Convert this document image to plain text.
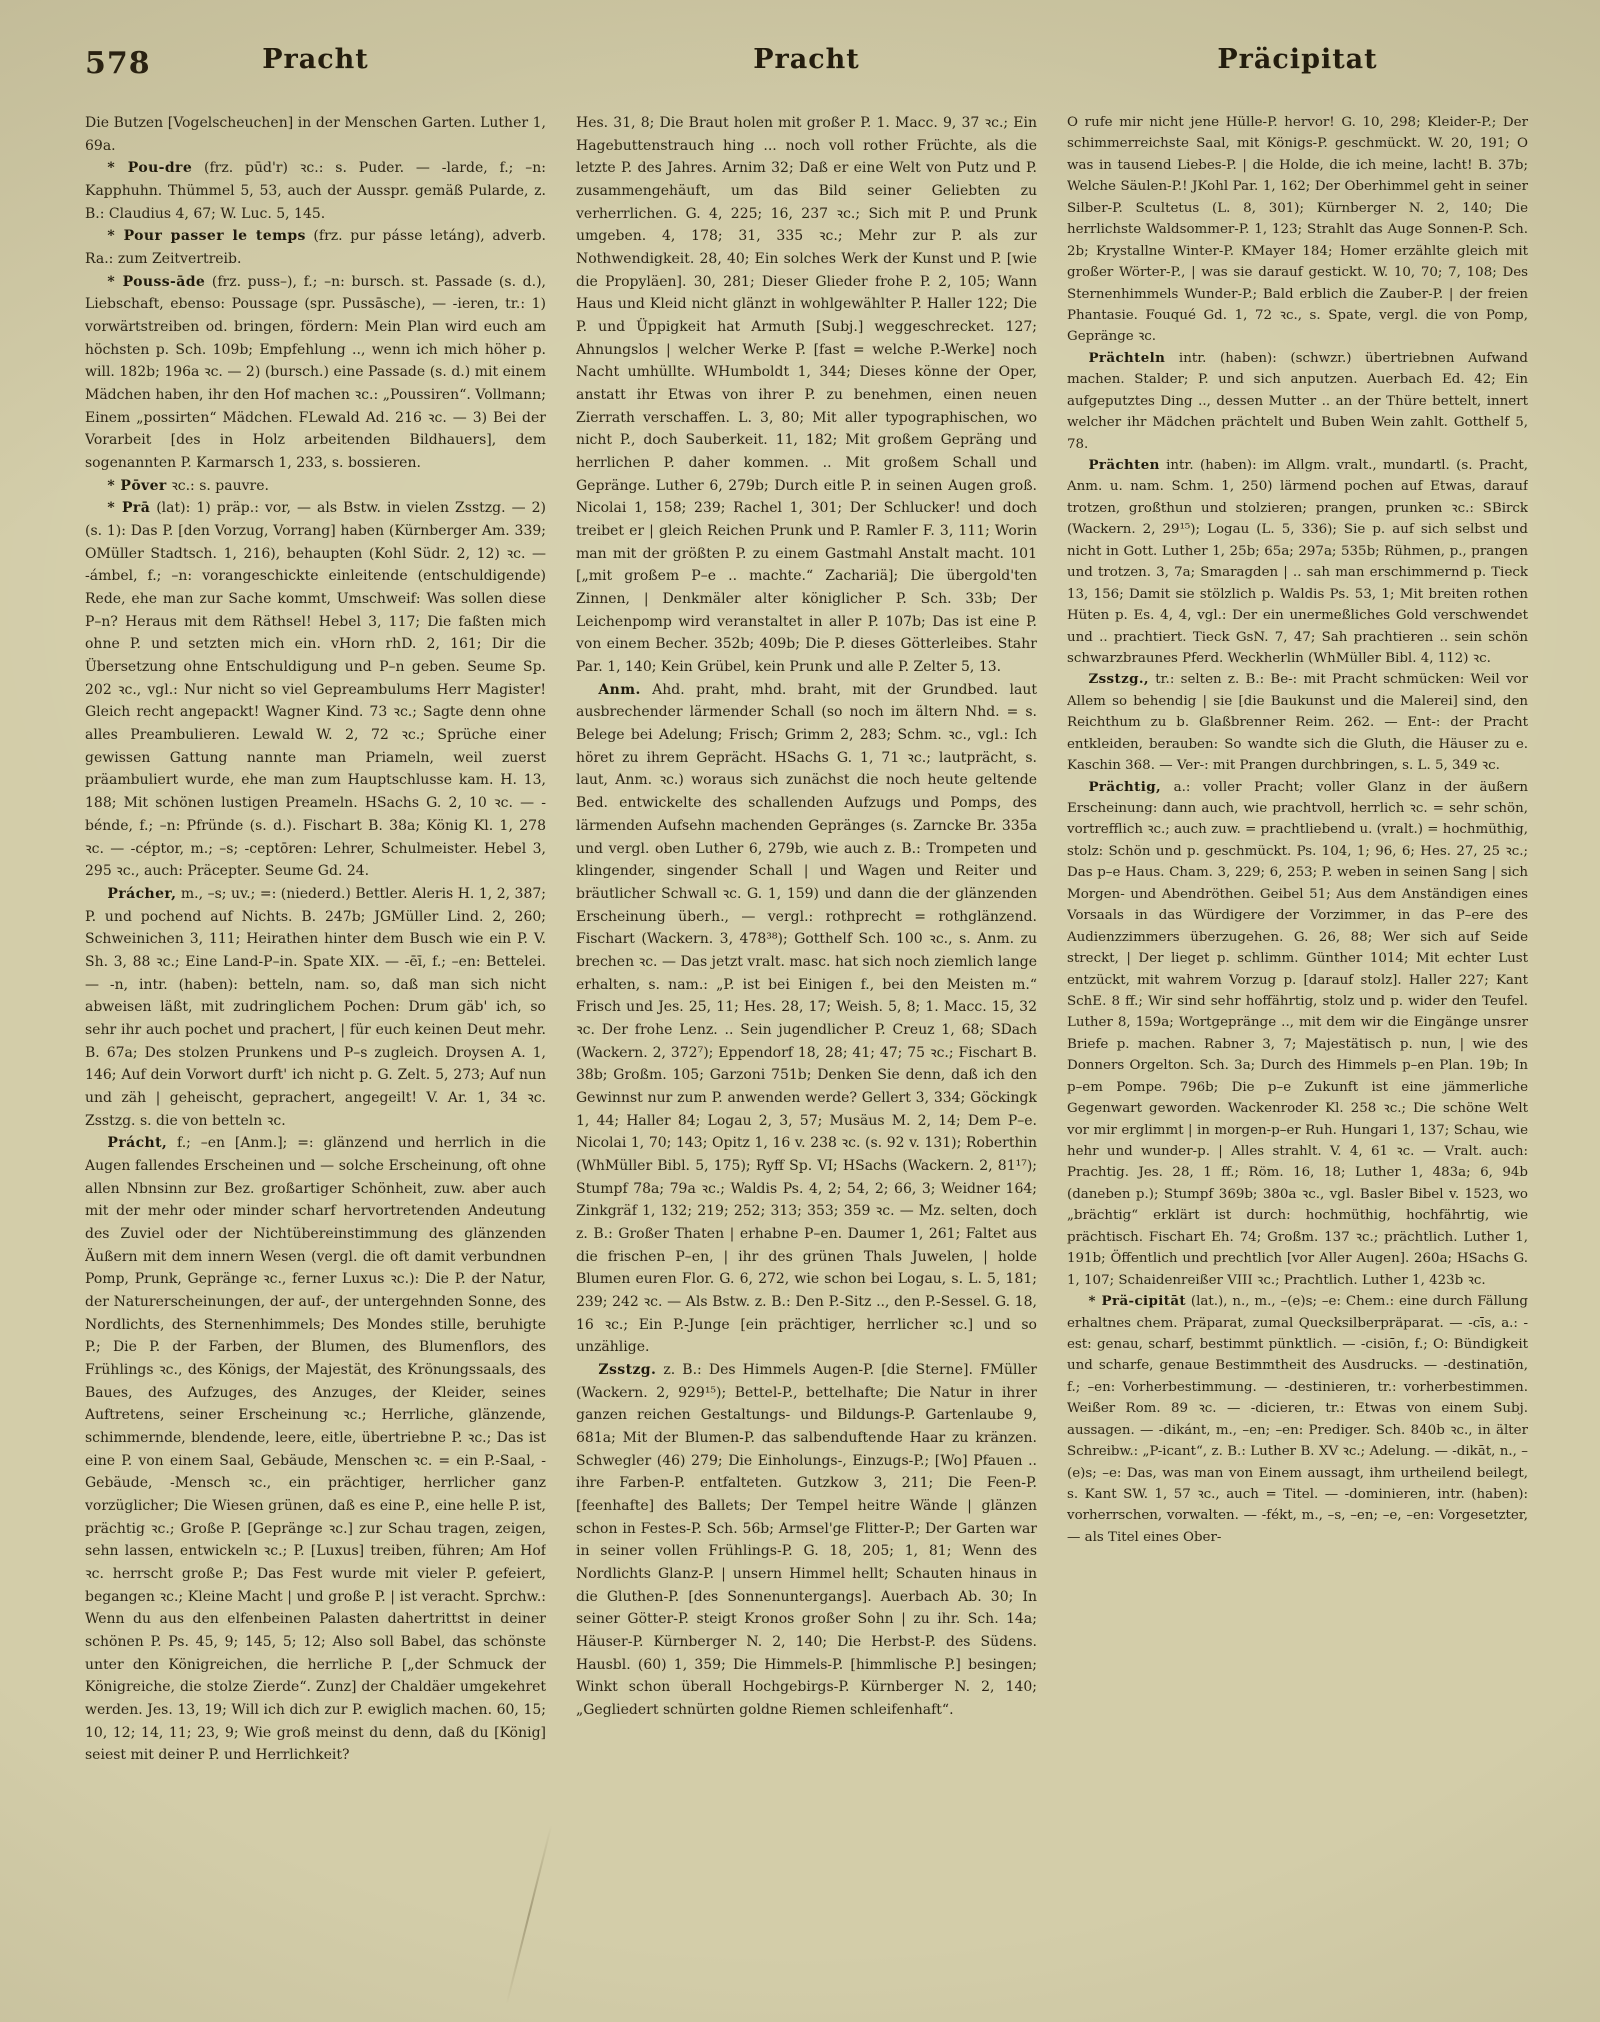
578	Pracht	Pracht	Präcipitat

Die Butzen [Vogelscheuchen] in der Menschen Garten. Luther 1, 69a.

* Pou-dre (frz. pūd'r) ꝛc.: s. Puder. — -larde, f.; –n: Kapphuhn. Thümmel 5, 53, auch der Ausspr. gemäß Pularde, z. B.: Claudius 4, 67; W. Luc. 5, 145.

* Pour passer le temps (frz. pur pásse letáng), adverb. Ra.: zum Zeitvertreib.

* Pouss-āde (frz. puss–), f.; –n: bursch. st. Passade (s. d.), Liebschaft, ebenso: Poussage (spr. Pussāsche), — -ieren, tr.: 1) vorwärtstreiben od. bringen, fördern: Mein Plan wird euch am höchsten p. Sch. 109b; Empfehlung .., wenn ich mich höher p. will. 182b; 196a ꝛc. — 2) (bursch.) eine Passade (s. d.) mit einem Mädchen haben, ihr den Hof machen ꝛc.: „Poussiren“. Vollmann; Einem „possirten“ Mädchen. FLewald Ad. 216 ꝛc. — 3) Bei der Vorarbeit [des in Holz arbeitenden Bildhauers], dem sogenannten P. Karmarsch 1, 233, s. bossieren.

* Pōver ꝛc.: s. pauvre.

* Prā (lat): 1) präp.: vor, — als Bstw. in vielen Zsstzg. — 2) (s. 1): Das P. [den Vorzug, Vorrang] haben (Kürnberger Am. 339; OMüller Stadtsch. 1, 216), behaupten (Kohl Südr. 2, 12) ꝛc. — -ámbel, f.; –n: vorangeschickte einleitende (entschuldigende) Rede, ehe man zur Sache kommt, Umschweif: Was sollen diese P–n? Heraus mit dem Räthsel! Hebel 3, 117; Die faßten mich ohne P. und setzten mich ein. vHorn rhD. 2, 161; Dir die Übersetzung ohne Entschuldigung und P–n geben. Seume Sp. 202 ꝛc., vgl.: Nur nicht so viel Gepreambulums Herr Magister! Gleich recht angepackt! Wagner Kind. 73 ꝛc.; Sagte denn ohne alles Preambulieren. Lewald W. 2, 72 ꝛc.; Sprüche einer gewissen Gattung nannte man Priameln, weil zuerst präambuliert wurde, ehe man zum Hauptschlusse kam. H. 13, 188; Mit schönen lustigen Preameln. HSachs G. 2, 10 ꝛc. — -bénde, f.; –n: Pfründe (s. d.). Fischart B. 38a; König Kl. 1, 278 ꝛc. — -céptor, m.; –s; -ceptōren: Lehrer, Schulmeister. Hebel 3, 295 ꝛc., auch: Präcepter. Seume Gd. 24.

Prácher, m., –s; uv.; =: (niederd.) Bettler. Aleris H. 1, 2, 387; P. und pochend auf Nichts. B. 247b; JGMüller Lind. 2, 260; Schweinichen 3, 111; Heirathen hinter dem Busch wie ein P. V. Sh. 3, 88 ꝛc.; Eine Land-P–in. Spate XIX. — -ēī, f.; –en: Bettelei. — -n, intr. (haben): betteln, nam. so, daß man sich nicht abweisen läßt, mit zudringlichem Pochen: Drum gäb' ich, so sehr ihr auch pochet und prachert, | für euch keinen Deut mehr. B. 67a; Des stolzen Prunkens und P–s zugleich. Droysen A. 1, 146; Auf dein Vorwort durft' ich nicht p. G. Zelt. 5, 273; Auf nun und zäh | geheischt, geprachert, angegeilt! V. Ar. 1, 34 ꝛc. Zsstzg. s. die von betteln ꝛc.

Prácht, f.; –en [Anm.]; =: glänzend und herrlich in die Augen fallendes Erscheinen und — solche Erscheinung, oft ohne allen Nbnsinn zur Bez. großartiger Schönheit, zuw. aber auch mit der mehr oder minder scharf hervortretenden Andeutung des Zuviel oder der Nichtübereinstimmung des glänzenden Äußern mit dem innern Wesen (vergl. die oft damit verbundnen Pomp, Prunk, Gepränge ꝛc., ferner Luxus ꝛc.): Die P. der Natur, der Naturerscheinungen, der auf-, der untergehnden Sonne, des Nordlichts, des Sternenhimmels; Des Mondes stille, beruhigte P.; Die P. der Farben, der Blumen, des Blumenflors, des Frühlings ꝛc., des Königs, der Majestät, des Krönungssaals, des Baues, des Aufzuges, des Anzuges, der Kleider, seines Auftretens, seiner Erscheinung ꝛc.; Herrliche, glänzende, schimmernde, blendende, leere, eitle, übertriebne P. ꝛc.; Das ist eine P. von einem Saal, Gebäude, Menschen ꝛc. = ein P.-Saal, -Gebäude, -Mensch ꝛc., ein prächtiger, herrlicher ganz vorzüglicher; Die Wiesen grünen, daß es eine P., eine helle P. ist, prächtig ꝛc.; Große P. [Gepränge ꝛc.] zur Schau tragen, zeigen, sehn lassen, entwickeln ꝛc.; P. [Luxus] treiben, führen; Am Hof ꝛc. herrscht große P.; Das Fest wurde mit vieler P. gefeiert, begangen ꝛc.; Kleine Macht | und große P. | ist veracht. Sprchw.: Wenn du aus den elfenbeinen Palasten dahertrittst in deiner schönen P. Ps. 45, 9; 145, 5; 12; Also soll Babel, das schönste unter den Königreichen, die herrliche P. [„der Schmuck der Königreiche, die stolze Zierde“. Zunz] der Chaldäer umgekehret werden. Jes. 13, 19; Will ich dich zur P. ewiglich machen. 60, 15; 10, 12; 14, 11; 23, 9; Wie groß meinst du denn, daß du [König] seiest mit deiner P. und Herrlichkeit?

Hes. 31, 8; Die Braut holen mit großer P. 1. Macc. 9, 37 ꝛc.; Ein Hagebuttenstrauch hing ... noch voll rother Früchte, als die letzte P. des Jahres. Arnim 32; Daß er eine Welt von Putz und P. zusammengehäuft, um das Bild seiner Geliebten zu verherrlichen. G. 4, 225; 16, 237 ꝛc.; Sich mit P. und Prunk umgeben. 4, 178; 31, 335 ꝛc.; Mehr zur P. als zur Nothwendigkeit. 28, 40; Ein solches Werk der Kunst und P. [wie die Propyläen]. 30, 281; Dieser Glieder frohe P. 2, 105; Wann Haus und Kleid nicht glänzt in wohlgewählter P. Haller 122; Die P. und Üppigkeit hat Armuth [Subj.] weggeschrecket. 127; Ahnungslos | welcher Werke P. [fast = welche P.-Werke] noch Nacht umhüllte. WHumboldt 1, 344; Dieses könne der Oper, anstatt ihr Etwas von ihrer P. zu benehmen, einen neuen Zierrath verschaffen. L. 3, 80; Mit aller typographischen, wo nicht P., doch Sauberkeit. 11, 182; Mit großem Gepräng und herrlichen P. daher kommen. .. Mit großem Schall und Gepränge. Luther 6, 279b; Durch eitle P. in seinen Augen groß. Nicolai 1, 158; 239; Rachel 1, 301; Der Schlucker! und doch treibet er | gleich Reichen Prunk und P. Ramler F. 3, 111; Worin man mit der größten P. zu einem Gastmahl Anstalt macht. 101 [„mit großem P–e .. machte.“ Zachariä]; Die übergold'ten Zinnen, | Denkmäler alter königlicher P. Sch. 33b; Der Leichenpomp wird veranstaltet in aller P. 107b; Das ist eine P. von einem Becher. 352b; 409b; Die P. dieses Götterleibes. Stahr Par. 1, 140; Kein Grübel, kein Prunk und alle P. Zelter 5, 13.

Anm. Ahd. praht, mhd. braht, mit der Grundbed. laut ausbrechender lärmender Schall (so noch im ältern Nhd. = s. Belege bei Adelung; Frisch; Grimm 2, 283; Schm. ꝛc., vgl.: Ich höret zu ihrem Geprächt. HSachs G. 1, 71 ꝛc.; lautprächt, s. laut, Anm. ꝛc.) woraus sich zunächst die noch heute geltende Bed. entwickelte des schallenden Aufzugs und Pomps, des lärmenden Aufsehn machenden Gepränges (s. Zarncke Br. 335a und vergl. oben Luther 6, 279b, wie auch z. B.: Trompeten und klingender, singender Schall | und Wagen und Reiter und bräutlicher Schwall ꝛc. G. 1, 159) und dann die der glänzenden Erscheinung überh., — vergl.: rothprecht = rothglänzend. Fischart (Wackern. 3, 478³⁸); Gotthelf Sch. 100 ꝛc., s. Anm. zu brechen ꝛc. — Das jetzt vralt. masc. hat sich noch ziemlich lange erhalten, s. nam.: „P. ist bei Einigen f., bei den Meisten m.“ Frisch und Jes. 25, 11; Hes. 28, 17; Weish. 5, 8; 1. Macc. 15, 32 ꝛc. Der frohe Lenz. .. Sein jugendlicher P. Creuz 1, 68; SDach (Wackern. 2, 372⁷); Eppendorf 18, 28; 41; 47; 75 ꝛc.; Fischart B. 38b; Großm. 105; Garzoni 751b; Denken Sie denn, daß ich den Gewinnst nur zum P. anwenden werde? Gellert 3, 334; Göckingk 1, 44; Haller 84; Logau 2, 3, 57; Musäus M. 2, 14; Dem P–e. Nicolai 1, 70; 143; Opitz 1, 16 v. 238 ꝛc. (s. 92 v. 131); Roberthin (WhMüller Bibl. 5, 175); Ryff Sp. VI; HSachs (Wackern. 2, 81¹⁷); Stumpf 78a; 79a ꝛc.; Waldis Ps. 4, 2; 54, 2; 66, 3; Weidner 164; Zinkgräf 1, 132; 219; 252; 313; 353; 359 ꝛc. — Mz. selten, doch z. B.: Großer Thaten | erhabne P–en. Daumer 1, 261; Faltet aus die frischen P–en, | ihr des grünen Thals Juwelen, | holde Blumen euren Flor. G. 6, 272, wie schon bei Logau, s. L. 5, 181; 239; 242 ꝛc. — Als Bstw. z. B.: Den P.-Sitz .., den P.-Sessel. G. 18, 16 ꝛc.; Ein P.-Junge [ein prächtiger, herrlicher ꝛc.] und so unzählige.

Zsstzg. z. B.: Des Himmels Augen-P. [die Sterne]. FMüller (Wackern. 2, 929¹⁵); Bettel-P., bettelhafte; Die Natur in ihrer ganzen reichen Gestaltungs- und Bildungs-P. Gartenlaube 9, 681a; Mit der Blumen-P. das salbenduftende Haar zu kränzen. Schwegler (46) 279; Die Einholungs-, Einzugs-P.; [Wo] Pfauen .. ihre Farben-P. entfalteten. Gutzkow 3, 211; Die Feen-P. [feenhafte] des Ballets; Der Tempel heitre Wände | glänzen schon in Festes-P. Sch. 56b; Armsel'ge Flitter-P.; Der Garten war in seiner vollen Frühlings-P. G. 18, 205; 1, 81; Wenn des Nordlichts Glanz-P. | unsern Himmel hellt; Schauten hinaus in die Gluthen-P. [des Sonnenuntergangs]. Auerbach Ab. 30; In seiner Götter-P. steigt Kronos großer Sohn | zu ihr. Sch. 14a; Häuser-P. Kürnberger N. 2, 140; Die Herbst-P. des Südens. Hausbl. (60) 1, 359; Die Himmels-P. [himmlische P.] besingen; Winkt schon überall Hochgebirgs-P. Kürnberger N. 2, 140; „Gegliedert schnürten goldne Riemen schleifenhaft“.

O rufe mir nicht jene Hülle-P. hervor! G. 10, 298; Kleider-P.; Der schimmerreichste Saal, mit Königs-P. geschmückt. W. 20, 191; O was in tausend Liebes-P. | die Holde, die ich meine, lacht! B. 37b; Welche Säulen-P.! JKohl Par. 1, 162; Der Oberhimmel geht in seiner Silber-P. Scultetus (L. 8, 301); Kürnberger N. 2, 140; Die herrlichste Waldsommer-P. 1, 123; Strahlt das Auge Sonnen-P. Sch. 2b; Krystallne Winter-P. KMayer 184; Homer erzählte gleich mit großer Wörter-P., | was sie darauf gestickt. W. 10, 70; 7, 108; Des Sternenhimmels Wunder-P.; Bald erblich die Zauber-P. | der freien Phantasie. Fouqué Gd. 1, 72 ꝛc., s. Spate, vergl. die von Pomp, Gepränge ꝛc.

Prächteln intr. (haben): (schwzr.) übertriebnen Aufwand machen. Stalder; P. und sich anputzen. Auerbach Ed. 42; Ein aufgeputztes Ding .., dessen Mutter .. an der Thüre bettelt, innert welcher ihr Mädchen prächtelt und Buben Wein zahlt. Gotthelf 5, 78.

Prächten intr. (haben): im Allgm. vralt., mundartl. (s. Pracht, Anm. u. nam. Schm. 1, 250) lärmend pochen auf Etwas, darauf trotzen, großthun und stolzieren; prangen, prunken ꝛc.: SBirck (Wackern. 2, 29¹⁵); Logau (L. 5, 336); Sie p. auf sich selbst und nicht in Gott. Luther 1, 25b; 65a; 297a; 535b; Rühmen, p., prangen und trotzen. 3, 7a; Smaragden | .. sah man erschimmernd p. Tieck 13, 156; Damit sie stölzlich p. Waldis Ps. 53, 1; Mit breiten rothen Hüten p. Es. 4, 4, vgl.: Der ein unermeßliches Gold verschwendet und .. prachtiert. Tieck GsN. 7, 47; Sah prachtieren .. sein schön schwarzbraunes Pferd. Weckherlin (WhMüller Bibl. 4, 112) ꝛc.

Zsstzg., tr.: selten z. B.: Be-: mit Pracht schmücken: Weil vor Allem so behendig | sie [die Baukunst und die Malerei] sind, den Reichthum zu b. Glaßbrenner Reim. 262. — Ent-: der Pracht entkleiden, berauben: So wandte sich die Gluth, die Häuser zu e. Kaschin 368. — Ver-: mit Prangen durchbringen, s. L. 5, 349 ꝛc.

Prächtig, a.: voller Pracht; voller Glanz in der äußern Erscheinung: dann auch, wie prachtvoll, herrlich ꝛc. = sehr schön, vortrefflich ꝛc.; auch zuw. = prachtliebend u. (vralt.) = hochmüthig, stolz: Schön und p. geschmückt. Ps. 104, 1; 96, 6; Hes. 27, 25 ꝛc.; Das p–e Haus. Cham. 3, 229; 6, 253; P. weben in seinen Sang | sich Morgen- und Abendröthen. Geibel 51; Aus dem Anständigen eines Vorsaals in das Würdigere der Vorzimmer, in das P–ere des Audienzzimmers überzugehen. G. 26, 88; Wer sich auf Seide streckt, | Der lieget p. schlimm. Günther 1014; Mit echter Lust entzückt, mit wahrem Vorzug p. [darauf stolz]. Haller 227; Kant SchE. 8 ff.; Wir sind sehr hoffährtig, stolz und p. wider den Teufel. Luther 8, 159a; Wortgepränge .., mit dem wir die Eingänge unsrer Briefe p. machen. Rabner 3, 7; Majestätisch p. nun, | wie des Donners Orgelton. Sch. 3a; Durch des Himmels p–en Plan. 19b; In p–em Pompe. 796b; Die p–e Zukunft ist eine jämmerliche Gegenwart geworden. Wackenroder Kl. 258 ꝛc.; Die schöne Welt vor mir erglimmt | in morgen-p–er Ruh. Hungari 1, 137; Schau, wie hehr und wunder-p. | Alles strahlt. V. 4, 61 ꝛc. — Vralt. auch: Prachtig. Jes. 28, 1 ff.; Röm. 16, 18; Luther 1, 483a; 6, 94b (daneben p.); Stumpf 369b; 380a ꝛc., vgl. Basler Bibel v. 1523, wo „brächtig“ erklärt ist durch: hochmüthig, hochfährtig, wie prächtisch. Fischart Eh. 74; Großm. 137 ꝛc.; prächtlich. Luther 1, 191b; Öffentlich und prechtlich [vor Aller Augen]. 260a; HSachs G. 1, 107; Schaidenreißer VIII ꝛc.; Prachtlich. Luther 1, 423b ꝛc.

* Prä-cipitāt (lat.), n., m., –(e)s; –e: Chem.: eine durch Fällung erhaltnes chem. Präparat, zumal Quecksilberpräparat. — -cīs, a.: -est: genau, scharf, bestimmt pünktlich. — -cisiōn, f.; O: Bündigkeit und scharfe, genaue Bestimmtheit des Ausdrucks. — -destinatiōn, f.; –en: Vorherbestimmung. — -destinieren, tr.: vorherbestimmen. Weißer Rom. 89 ꝛc. — -dicieren, tr.: Etwas von einem Subj. aussagen. — -dikánt, m., –en; –en: Prediger. Sch. 840b ꝛc., in älter Schreibw.: „P-icant“, z. B.: Luther B. XV ꝛc.; Adelung. — -dikāt, n., –(e)s; –e: Das, was man von Einem aussagt, ihm urtheilend beilegt, s. Kant SW. 1, 57 ꝛc., auch = Titel. — -dominieren, intr. (haben): vorherrschen, vorwalten. — -fékt, m., –s, –en; –e, –en: Vorgesetzter, — als Titel eines Ober-
